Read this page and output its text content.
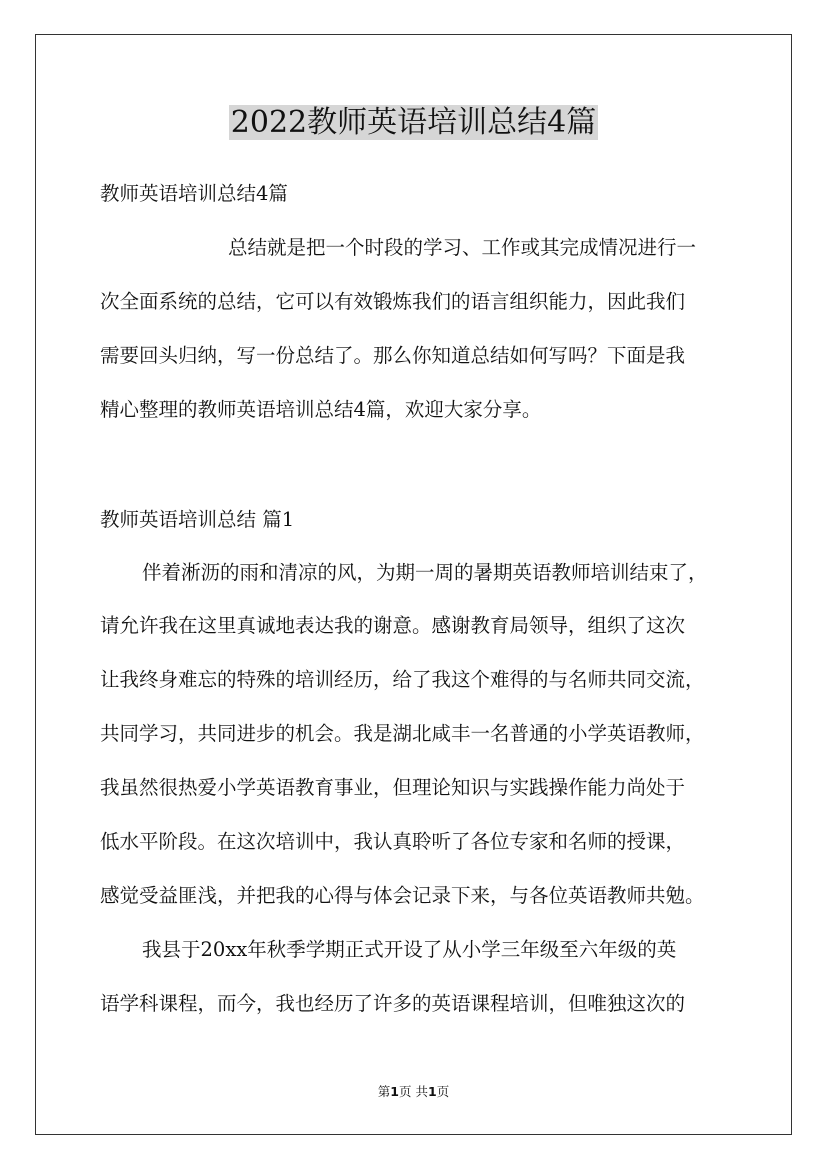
2022教师英语培训总结4篇

教师英语培训总结4篇

总结就是把一个时段的学习、工作或其完成情况进行一

次全面系统的总结，它可以有效锻炼我们的语言组织能力，因此我们

需要回头归纳，写一份总结了。那么你知道总结如何写吗？下面是我

精心整理的教师英语培训总结4篇，欢迎大家分享。

教师英语培训总结 篇1

伴着淅沥的雨和清凉的风，为期一周的暑期英语教师培训结束了，

请允许我在这里真诚地表达我的谢意。感谢教育局领导，组织了这次

让我终身难忘的特殊的培训经历，给了我这个难得的与名师共同交流，

共同学习，共同进步的机会。我是湖北咸丰一名普通的小学英语教师，

我虽然很热爱小学英语教育事业，但理论知识与实践操作能力尚处于

低水平阶段。在这次培训中，我认真聆听了各位专家和名师的授课，

感觉受益匪浅，并把我的心得与体会记录下来，与各位英语教师共勉。

我县于20xx年秋季学期正式开设了从小学三年级至六年级的英

语学科课程，而今，我也经历了许多的英语课程培训，但唯独这次的

第1页 共1页
